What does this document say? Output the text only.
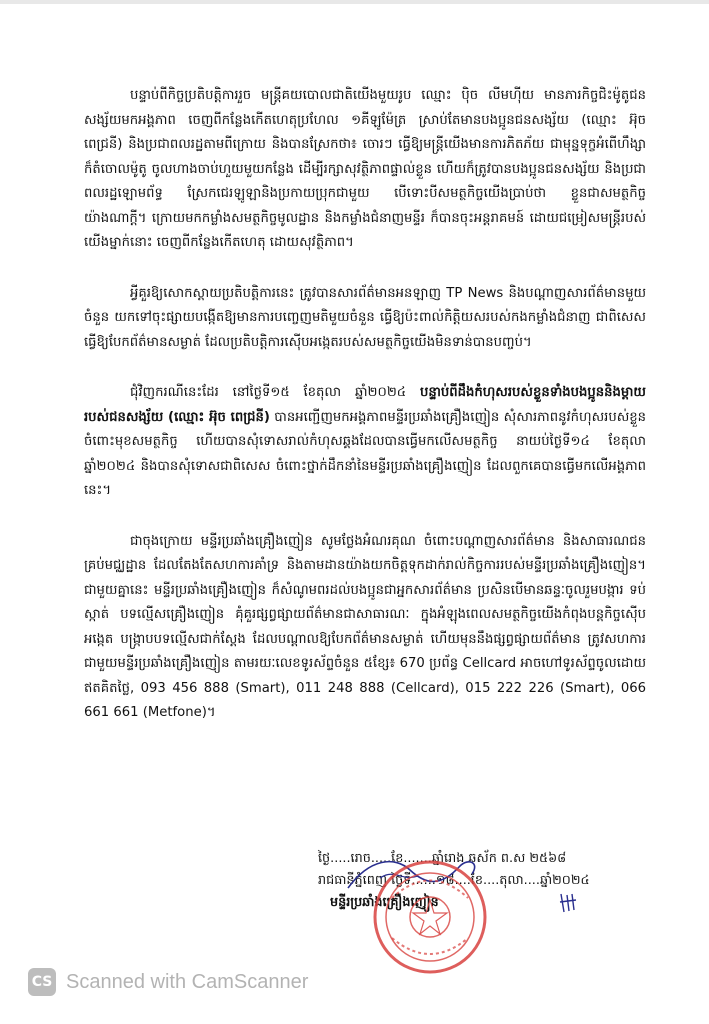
បន្ទាប់ពីកិច្ចប្រតិបត្តិការរួច មន្ត្រីគយបោលជាតិយើងមួយរូប ឈ្មោះ ប៉ិច លីមហុីយ មានភារកិច្ចជិះម៉ូតូជនសង្ស័យមកអង្គភាព ចេញពីកន្លែងកើតហេតុប្រហែល ១គីឡូម៉ែត្រ ស្រាប់តែមានបងប្អូនជនសង្ស័យ (ឈ្មោះ អ៊ុច ពេជ្រនី) និងប្រជាពលរដ្ឋតាមពីក្រោយ និងបានស្រែកថា៖ ចោរៗ ធ្វើឱ្យមន្ត្រីយើងមានការភិតភ័យ ជាមុន្នទុក្ខអំពើហឹង្សា ក៏តំចោលម៉ូតូ ចូលហាងចាប់ហួយមួយកន្លែង ដើម្បីរក្សាសុវត្ថិភាពផ្ទាល់ខ្លួន ហើយក៏ត្រូវបានបងប្អូនជនសង្ស័យ និងប្រជាពលរដ្ឋឡោមព័ទ្ធ ស្រែកជេរឡូឡានិងប្រកាយប្រុកជាមួយ បើទោះបីសមត្ថកិច្ចយើងប្រាប់ថា ខ្លួនជាសមត្ថកិច្ចយ៉ាងណាក្តី។ ក្រោយមកកម្លាំងសមត្ថកិច្ចមូលដ្ឋាន និងកម្លាំងជំនាញមន្ទីរ ក៏បានចុះអន្តរាគមន៍ ដោយជម្រៀសមន្ត្រីរបស់យើងម្នាក់នោះ ចេញពីកន្លែងកើតហេតុ ដោយសុវត្ថិភាព។

អ្វីគួរឱ្យសោកស្តាយប្រតិបត្តិការនេះ ត្រូវបានសារព័ត៌មានអនឡាញ TP News និងបណ្តាញសារព័ត៌មានមួយចំនួន យកទៅចុះផ្សាយបង្កើតឱ្យមានការបញ្ចេញមតិមួយចំនួន ធ្វើឱ្យប៉ះពាល់កិត្តិយសរបស់កងកម្លាំងជំនាញ ជាពិសេសធ្វើឱ្យបែកព័ត៌មានសម្ងាត់ ដែលប្រតិបត្តិការស៊ើបអង្កេតរបស់សមត្ថកិច្ចយើងមិនទាន់បានបញ្ចប់។

ជុំវិញករណីនេះដែរ នៅថ្ងៃទី១៥ ខែតុលា ឆ្នាំ២០២៤ បន្ទាប់ពីដឹងកំហុសរបស់ខ្លួនទាំងបងប្អូននិងម្តាយរបស់ជនសង្ស័យ (ឈ្មោះ អ៊ុច ពេជ្រនី) បានអញ្ជើញមកអង្គភាពមន្ទីរប្រឆាំងគ្រឿងញៀន សុំសារភាពនូវកំហុសរបស់ខ្លួន ចំពោះមុខសមត្ថកិច្ច ហើយបានសុំទោសរាល់កំហុសឆ្គងដែលបានធ្វើមកលើសមត្ថកិច្ច នាយប់ថ្ងៃទី១៤ ខែតុលា ឆ្នាំ២០២៤ និងបានសុំទោសជាពិសេស ចំពោះថ្នាក់ដឹកនាំនៃមន្ទីរប្រឆាំងគ្រឿងញៀន ដែលពួកគេបានធ្វើមកលើអង្គភាពនេះ។

ជាចុងក្រោយ មន្ទីរប្រឆាំងគ្រឿងញៀន សូមថ្លែងអំណរគុណ ចំពោះបណ្តាញសារព័ត៌មាន និងសាធារណជនគ្រប់មជ្ឈដ្ឋាន ដែលតែងតែសហការគាំទ្រ និងតាមដានយ៉ាងយកចិត្តទុកដាក់រាល់កិច្ចការរបស់មន្ទីរប្រឆាំងគ្រឿងញៀន។ ជាមួយគ្នានេះ មន្ទីរប្រឆាំងគ្រឿងញៀន ក៏សំណូមពរដល់បងប្អូនជាអ្នកសារព័ត៌មាន ប្រសិនបើមានឆន្ទៈចូលរួមបង្ការ ទប់ស្កាត់ បទល្មើសគ្រឿងញៀន គុំគួរផ្សព្វផ្សាយព័ត៌មានជាសាធារណៈ ក្នុងអំឡុងពេលសមត្ថកិច្ចយើងកំពុងបន្តកិច្ចស៊ើបអង្កេត បង្ក្រាបបទល្មើសជាក់ស្តែង ដែលបណ្តាលឱ្យបែកព័ត៌មានសម្ងាត់ ហើយមុននឹងផ្សព្វផ្សាយព័ត៌មាន ត្រូវសហការជាមួយមន្ទីរប្រឆាំងគ្រឿងញៀន តាមរយៈលេខទូរស័ព្ទចំនួន ៥ខ្សែ៖ 670 ប្រព័ន្ធ Cellcard អាចហៅទូរស័ព្ទចូលដោយឥតគិតថ្លៃ, 093 456 888 (Smart), 011 248 888 (Cellcard), 015 222 226 (Smart), 066 661 661 (Metfone)។

ថ្ងៃ.....រោច.....ខែ.......ឆ្នាំរោង ឆស័ក ព.ស ២៥៦៨
រាជធានីភ្នំពេញ ថ្ងៃទី......១៨....ខែ....តុលា....ឆ្នាំ២០២៤
មន្ទីរប្រឆាំងគ្រឿងញៀន
CS Scanned with CamScanner
